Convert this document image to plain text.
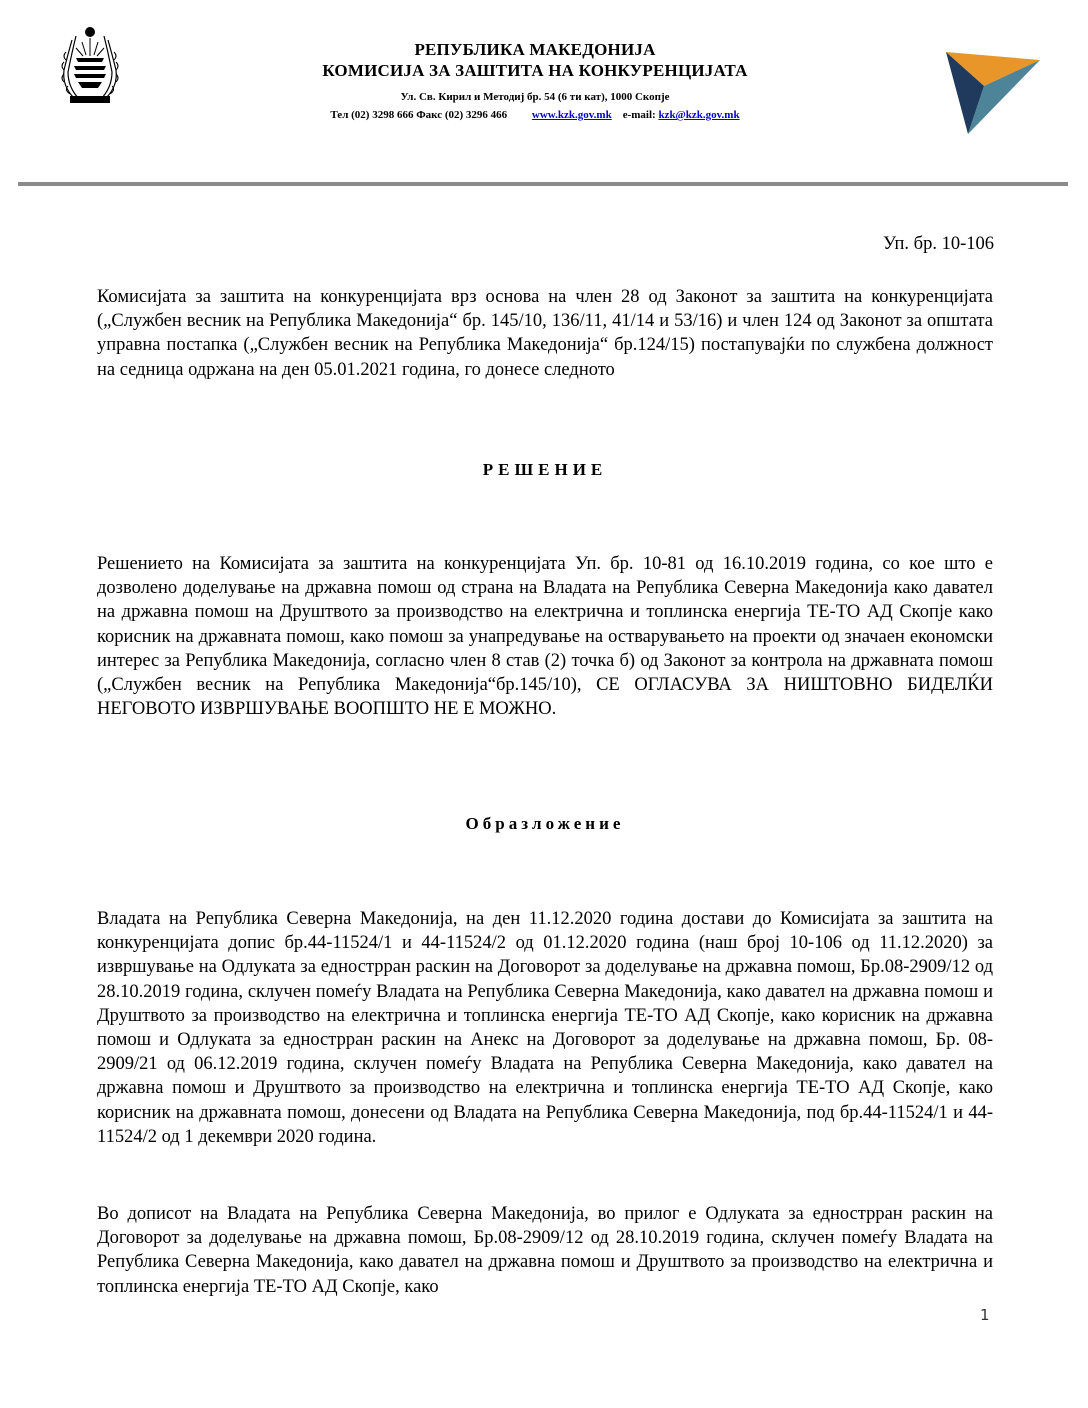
РЕПУБЛИКА МАКЕДОНИЈА
КОМИСИЈА ЗА ЗАШТИТА НА КОНКУРЕНЦИЈАТА
Ул. Св. Кирил и Методиј бр. 54 (6 ти кат), 1000 Скопје
Тел (02) 3298 666 Факс (02) 3296 466 www.kzk.gov.mk e-mail: kzk@kzk.gov.mk
Уп. бр. 10-106
Комисијата за заштита на конкуренцијата врз основа на член 28 од Законот за заштита на конкуренцијата („Службен весник на Република Македонија“ бр. 145/10, 136/11, 41/14 и 53/16) и член 124 од Законот за општата управна постапка („Службен весник на Република Македонија“ бр.124/15) постапувајќи по службена должност на седница одржана на ден 05.01.2021 година, го донесе следното
РЕШЕНИЕ
Решението на Комисијата за заштита на конкуренцијата Уп. бр. 10-81 од 16.10.2019 година, со кое што е дозволено доделување на државна помош од страна на Владата на Република Северна Македонија како давател на државна помош на Друштвото за производство на електрична и топлинска енергија ТЕ-ТО АД Скопје како корисник на државната помош, како помош за унапредување на остварувањето на проекти од значаен економски интерес за Република Македонија, согласно член 8 став (2) точка б) од Законот за контрола на државната помош („Службен весник на Република Македонија“бр.145/10), СЕ ОГЛАСУВА ЗА НИШТОВНО БИДЕЛЌИ НЕГОВОТО ИЗВРШУВАЊЕ ВООПШТО НЕ Е МОЖНО.
Образложение
Владата на Република Северна Македонија, на ден 11.12.2020 година достави до Комисијата за заштита на конкуренцијата допис бр.44-11524/1 и 44-11524/2 од 01.12.2020 година (наш број 10-106 од 11.12.2020) за извршување на Одлуката за еднострран раскин на Договорот за доделување на државна помош, Бр.08-2909/12 од 28.10.2019 година, склучен помеѓу Владата на Република Северна Македонија, како давател на државна помош и Друштвото за производство на електрична и топлинска енергија ТЕ-ТО АД Скопје, како корисник на државна помош и Одлуката за еднострран раскин на Анекс на Договорот за доделување на државна помош, Бр. 08-2909/21 од 06.12.2019 година, склучен помеѓу Владата на Република Северна Македонија, како давател на државна помош и Друштвото за производство на електрична и топлинска енергија ТЕ-ТО АД Скопје, како корисник на државната помош, донесени од Владата на Република Северна Македонија, под бр.44-11524/1 и 44-11524/2 од 1 декември 2020 година.
Во дописот на Владата на Република Северна Македонија, во прилог е Одлуката за еднострран раскин на Договорот за доделување на државна помош, Бр.08-2909/12 од 28.10.2019 година, склучен помеѓу Владата на Република Северна Македонија, како давател на државна помош и Друштвото за производство на електрична и топлинска енергија ТЕ-ТО АД Скопје, како
1
